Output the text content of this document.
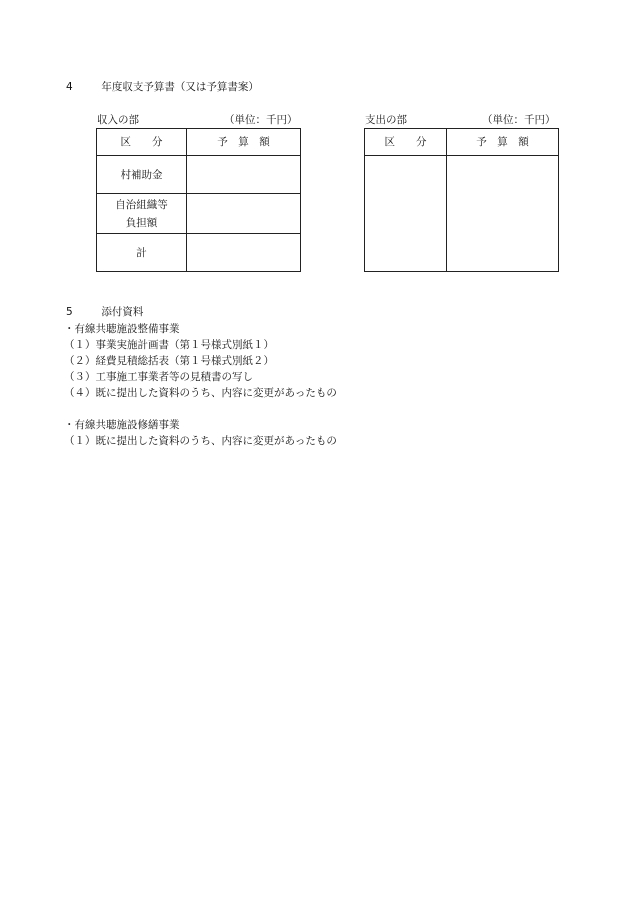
4	年度収支予算書（又は予算書案）
収入の部	（単位：千円）
区　　分	予　算　額
村補助金	

自治組織等
負担額	

計	
支出の部	（単位：千円）
区　　分	予　算　額

5	添付資料
・有線共聴施設整備事業
（１）事業実施計画書（第１号様式別紙１）
（２）経費見積総括表（第１号様式別紙２）
（３）工事施工事業者等の見積書の写し
（４）既に提出した資料のうち、内容に変更があったもの
・有線共聴施設修繕事業
（１）既に提出した資料のうち、内容に変更があったもの
